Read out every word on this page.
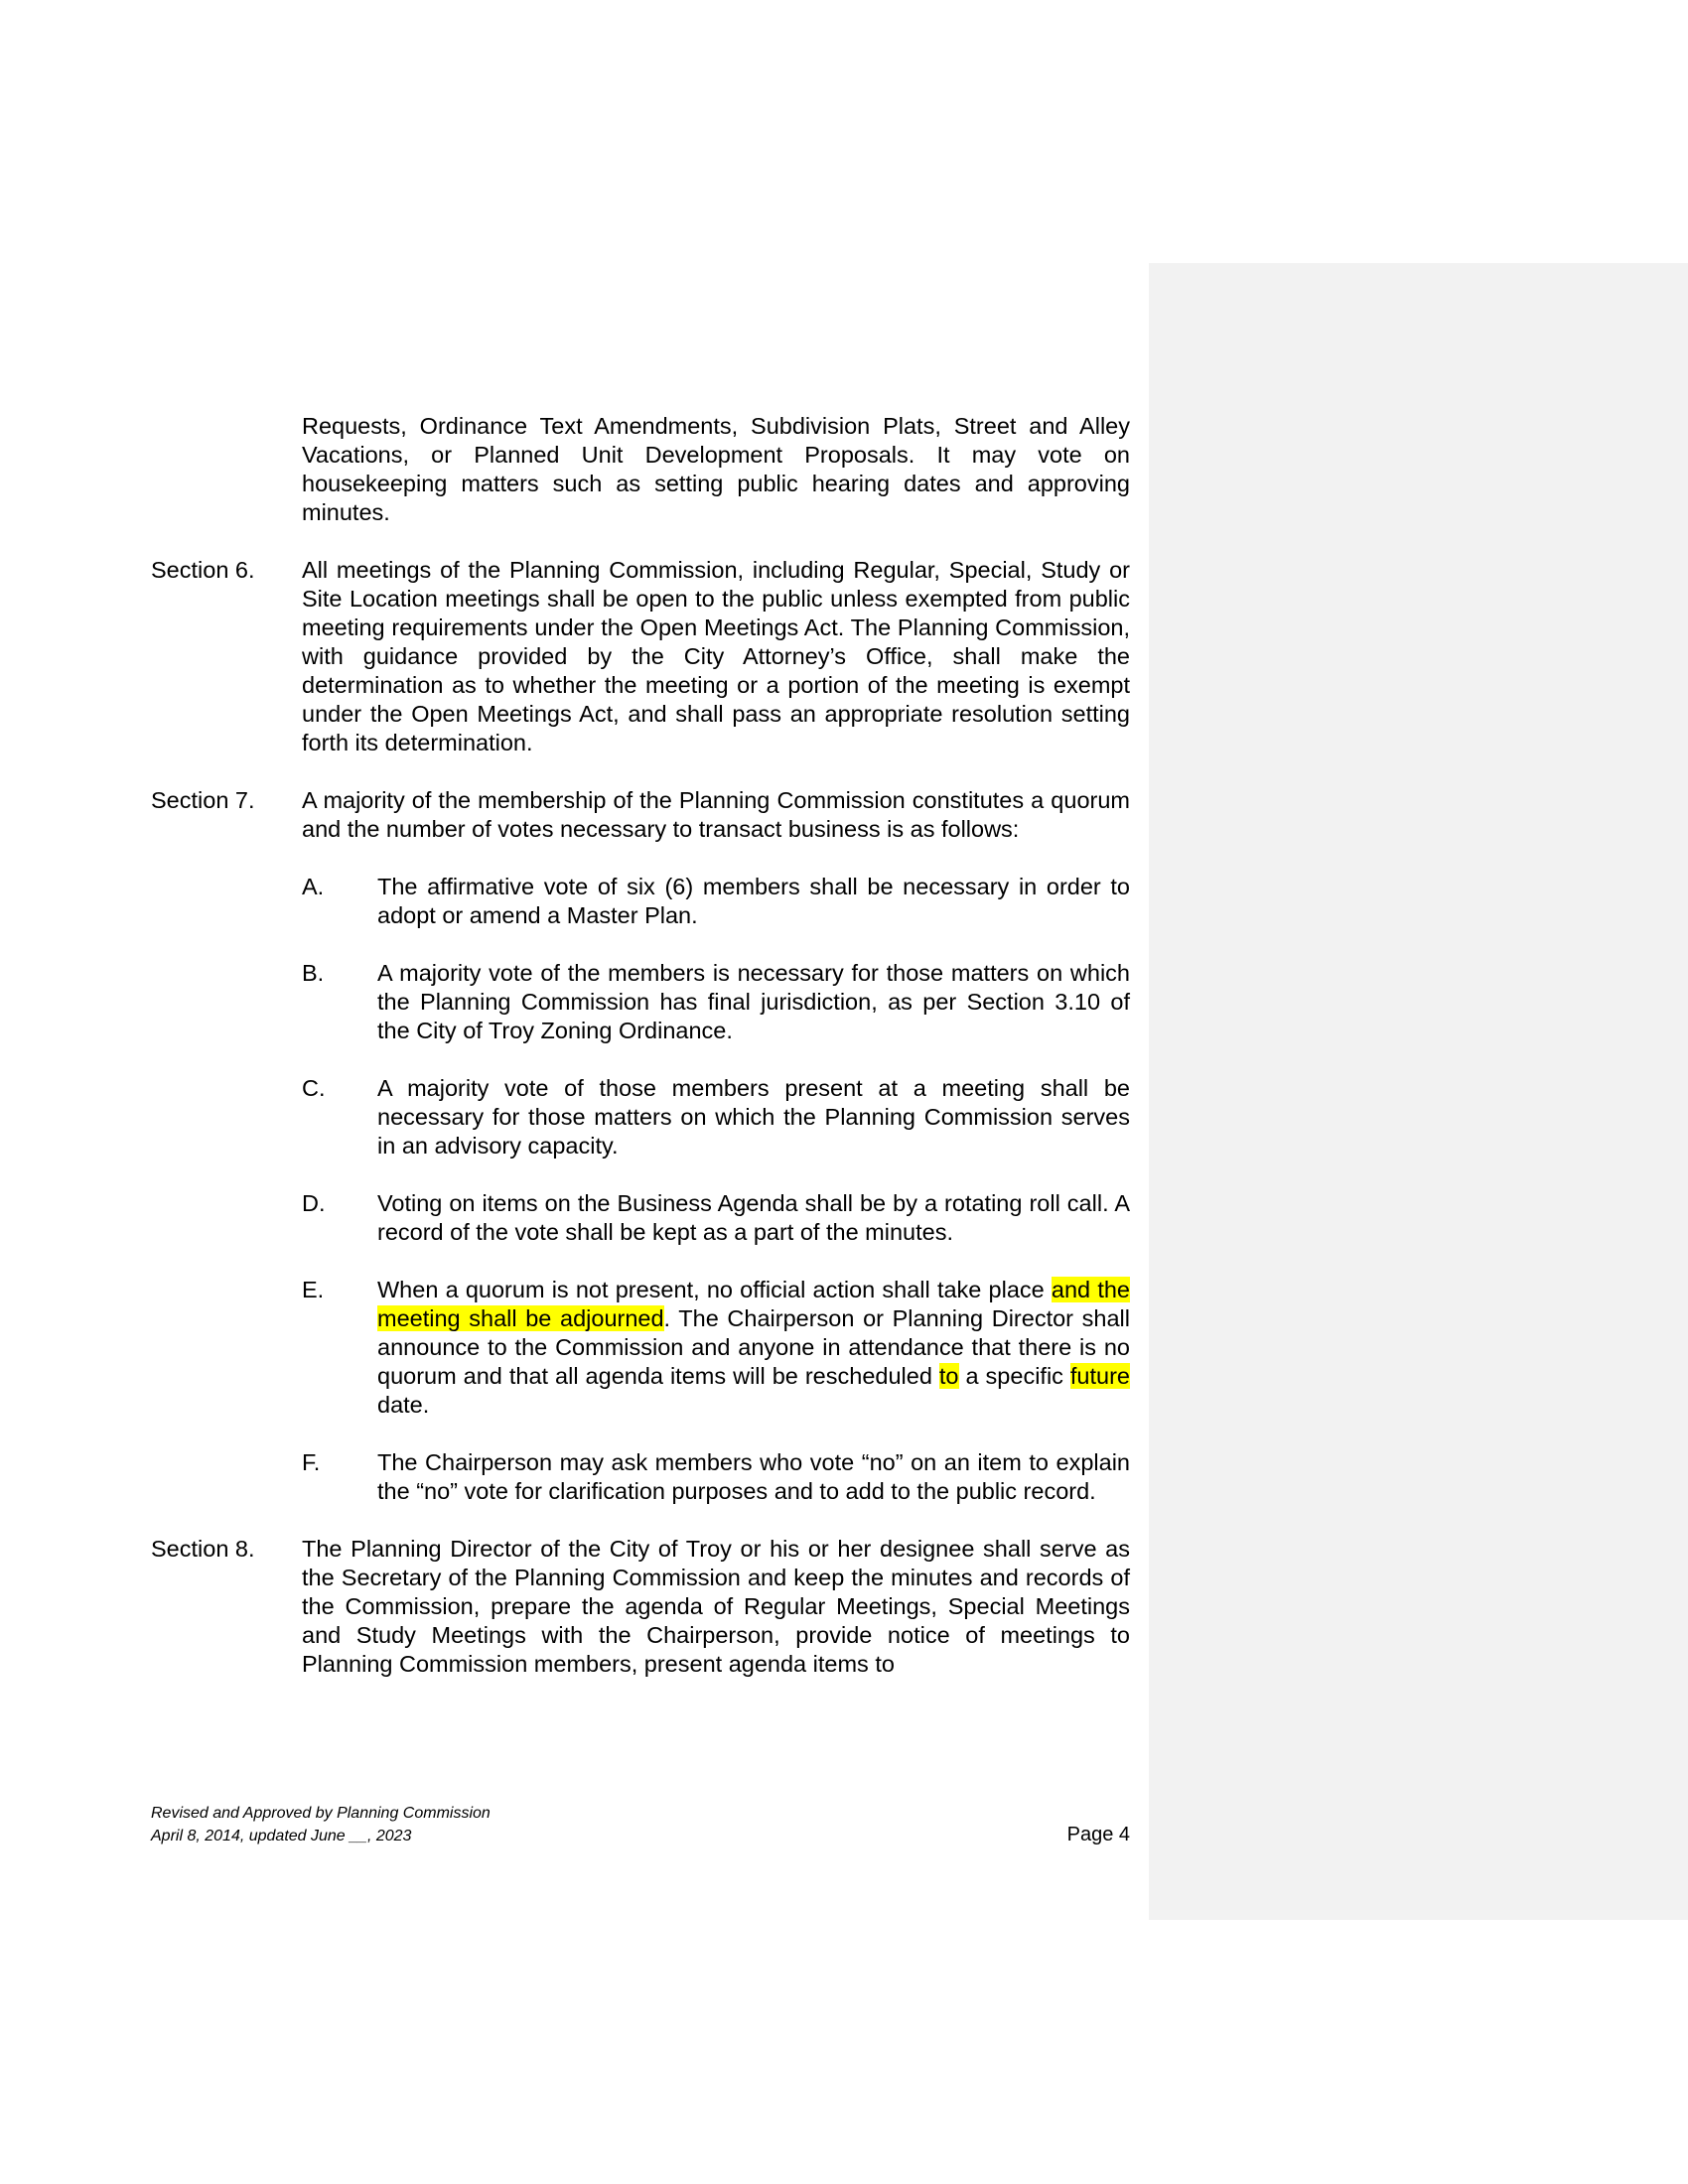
Requests, Ordinance Text Amendments, Subdivision Plats, Street and Alley Vacations, or Planned Unit Development Proposals. It may vote on housekeeping matters such as setting public hearing dates and approving minutes.
Section 6.	All meetings of the Planning Commission, including Regular, Special, Study or Site Location meetings shall be open to the public unless exempted from public meeting requirements under the Open Meetings Act. The Planning Commission, with guidance provided by the City Attorney’s Office, shall make the determination as to whether the meeting or a portion of the meeting is exempt under the Open Meetings Act, and shall pass an appropriate resolution setting forth its determination.
Section 7.	A majority of the membership of the Planning Commission constitutes a quorum and the number of votes necessary to transact business is as follows:
A.	The affirmative vote of six (6) members shall be necessary in order to adopt or amend a Master Plan.
B.	A majority vote of the members is necessary for those matters on which the Planning Commission has final jurisdiction, as per Section 3.10 of the City of Troy Zoning Ordinance.
C.	A majority vote of those members present at a meeting shall be necessary for those matters on which the Planning Commission serves in an advisory capacity.
D.	Voting on items on the Business Agenda shall be by a rotating roll call. A record of the vote shall be kept as a part of the minutes.
E.	When a quorum is not present, no official action shall take place and the meeting shall be adjourned. The Chairperson or Planning Director shall announce to the Commission and anyone in attendance that there is no quorum and that all agenda items will be rescheduled to a specific future date.
F.	The Chairperson may ask members who vote “no” on an item to explain the “no” vote for clarification purposes and to add to the public record.
Section 8.	The Planning Director of the City of Troy or his or her designee shall serve as the Secretary of the Planning Commission and keep the minutes and records of the Commission, prepare the agenda of Regular Meetings, Special Meetings and Study Meetings with the Chairperson, provide notice of meetings to Planning Commission members, present agenda items to
Revised and Approved by Planning Commission
April 8, 2014, updated June __, 2023	Page 4
